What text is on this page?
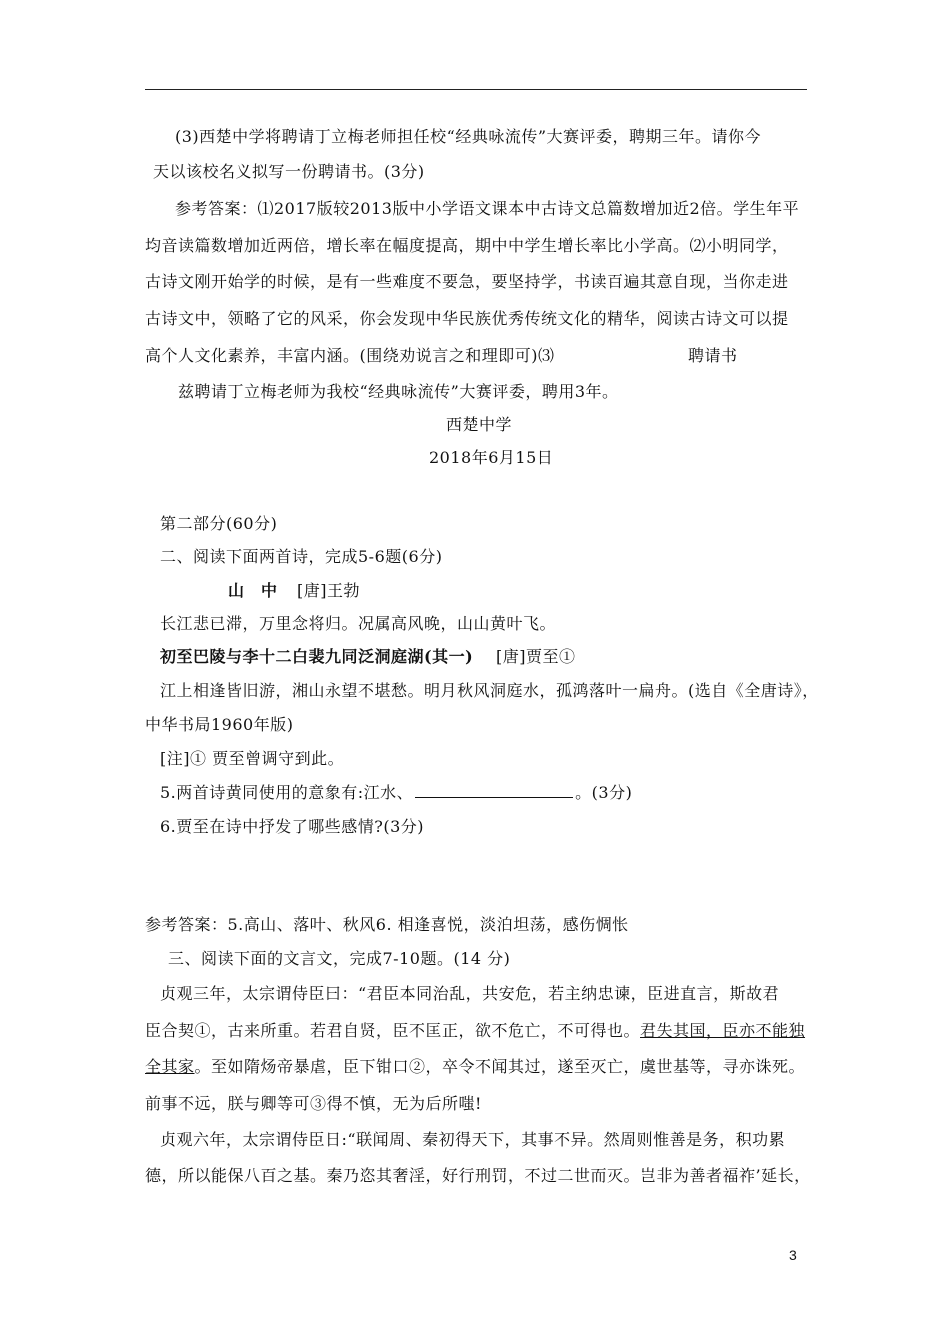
(3)西楚中学将聘请丁立梅老师担任校“经典咏流传”大赛评委，聘期三年。请你今
天以该校名义拟写一份聘请书。(3分)
参考答案：⑴2017版较2013版中小学语文课本中古诗文总篇数增加近2倍。学生年平
均音读篇数增加近两倍，增长率在幅度提高，期中中学生增长率比小学高。⑵小明同学，
古诗文刚开始学的时候，是有一些难度不要急，要坚持学，书读百遍其意自现，当你走进
古诗文中，领略了它的风采，你会发现中华民族优秀传统文化的精华，阅读古诗文可以提
高个人文化素养，丰富内涵。(围绕劝说言之和理即可)⑶	聘请书
兹聘请丁立梅老师为我校“经典咏流传”大赛评委，聘用3年。
西楚中学
2018年6月15日
第二部分(60分)
二、阅读下面两首诗，完成5-6题(6分)
山　中 [唐]王勃
长江悲已滞，万里念将归。况属高风晚，山山黄叶飞。
初至巴陵与李十二白裴九同泛洞庭湖(其一) [唐]贾至①
江上相逢皆旧游，湘山永望不堪愁。明月秋风洞庭水，孤鸿落叶一扁舟。(选自《全唐诗》，
中华书局1960年版)
[注]① 贾至曾调守到此。
5.两首诗黄同使用的意象有:江水、	。(3分)
6.贾至在诗中抒发了哪些感情?(3分)
参考答案：5.高山、落叶、秋风6. 相逢喜悦，淡泊坦荡，感伤惆怅
三、阅读下面的文言文，完成7-10题。(14 分)
贞观三年，太宗谓侍臣曰：“君臣本同治乱，共安危，若主纳忠谏，臣进直言，斯故君
臣合契①，古来所重。若君自贤，臣不匡正，欲不危亡，不可得也。君失其国，臣亦不能独
全其家。至如隋炀帝暴虐，臣下钳口②，卒令不闻其过，遂至灭亡，虞世基等，寻亦诛死。
前事不远，朕与卿等可③得不慎，无为后所嗤!
贞观六年，太宗谓侍臣日:“联闻周、秦初得天下，其事不异。然周则惟善是务，积功累
德，所以能保八百之基。秦乃恣其奢淫，好行刑罚，不过二世而灭。岂非为善者福祚’延长，
3
